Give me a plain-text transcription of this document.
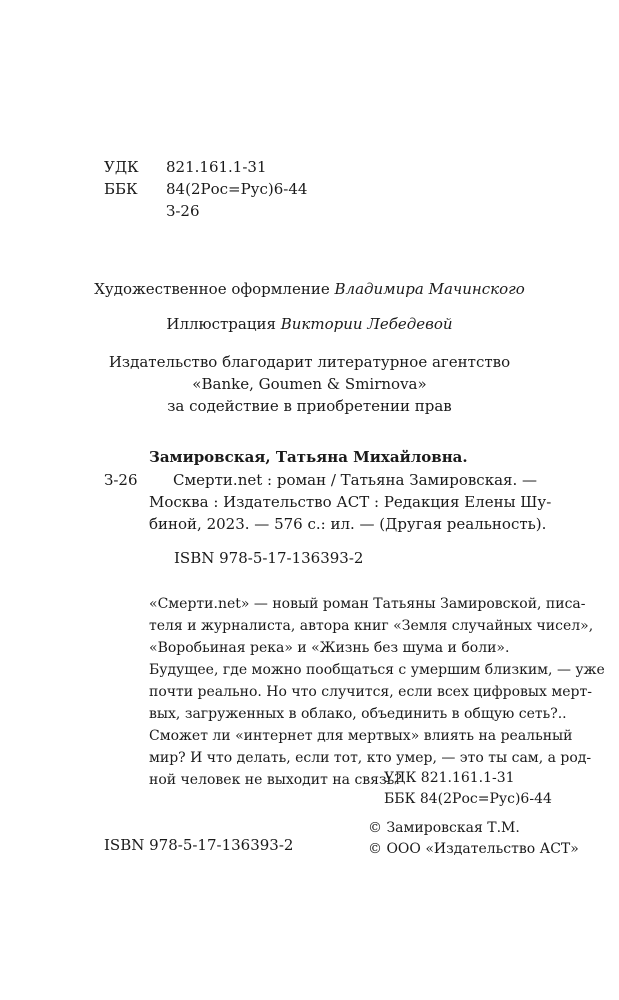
УДК 821.161.1-31
ББК 84(2Рос=Рус)6-44
З-26
Художественное оформление Владимира Мачинского
Иллюстрация Виктории Лебедевой
Издательство благодарит литературное агентство
«Banke, Goumen & Smirnova»
за содействие в приобретении прав
Замировская, Татьяна Михайловна.
З-26	Смерти.net : роман / Татьяна Замировская. —
Москва : Издательство АСТ : Редакция Елены Шу-
биной, 2023. — 576 с.: ил. — (Другая реальность).
ISBN 978-5-17-136393-2
«Смерти.net» — новый роман Татьяны Замировской, писа-
теля и журналиста, автора книг «Земля случайных чисел»,
«Воробьиная река» и «Жизнь без шума и боли».
Будущее, где можно пообщаться с умершим близким, — уже
почти реально. Но что случится, если всех цифровых мерт-
вых, загруженных в облако, объединить в общую сеть?..
Сможет ли «интернет для мертвых» влиять на реальный
мир? И что делать, если тот, кто умер, — это ты сам, а род-
ной человек не выходит на связь?
УДК 821.161.1-31
ББК 84(2Рос=Рус)6-44
ISBN 978-5-17-136393-2
© Замировская Т.М.
© ООО «Издательство АСТ»
